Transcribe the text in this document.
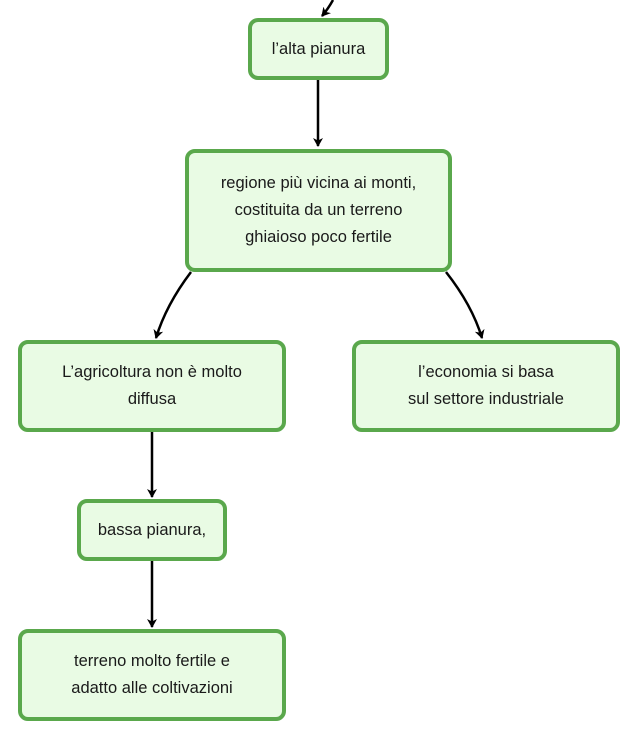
l’alta pianura
regione più vicina ai monti,
costituita da un terreno
ghiaioso poco fertile
L’agricoltura non è molto
diffusa
l’economia si basa
sul settore industriale
bassa pianura,
terreno molto fertile e
adatto alle coltivazioni
